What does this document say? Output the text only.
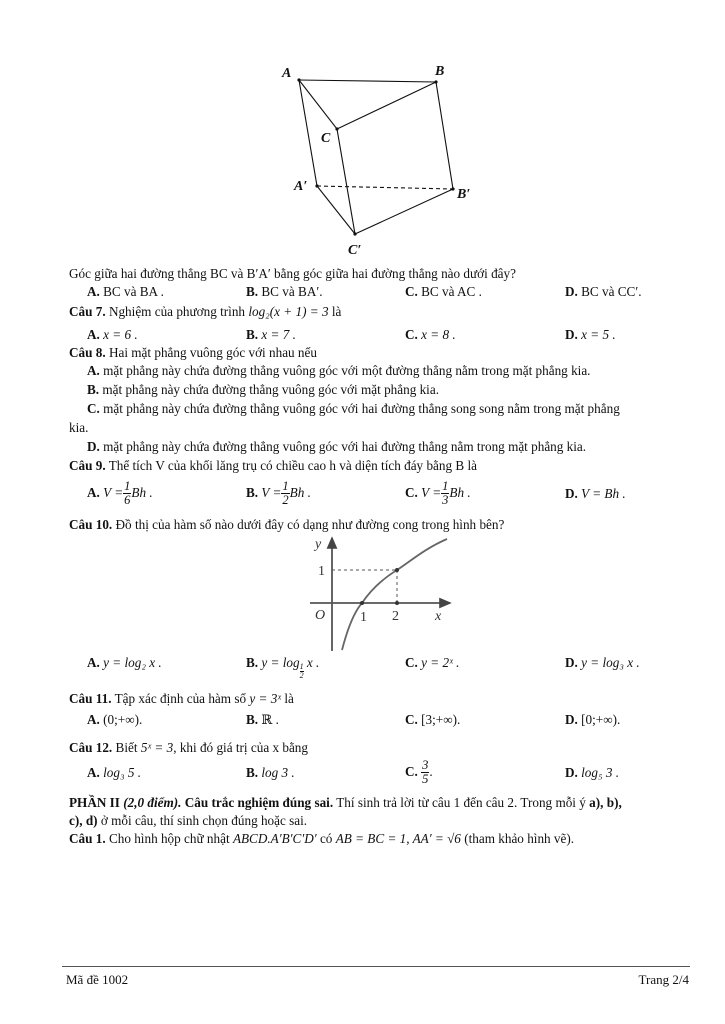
A	B
C
A′
B′
C′
Góc giữa hai đường thẳng BC và B′A′ bằng góc giữa hai đường thẳng nào dưới đây?
A. BC và BA .	B. BC và BA′.	C. BC và AC .	D. BC và CC′.
Câu 7. Nghiệm của phương trình log₂(x + 1) = 3 là
A. x = 6 .	B. x = 7 .	C. x = 8 .	D. x = 5 .
Câu 8. Hai mặt phẳng vuông góc với nhau nếu
A. mặt phẳng này chứa đường thẳng vuông góc với một đường thẳng nằm trong mặt phẳng kia.
B. mặt phẳng này chứa đường thẳng vuông góc với mặt phẳng kia.
C. mặt phẳng này chứa đường thẳng vuông góc với hai đường thẳng song song nằm trong mặt phẳng
kia.
D. mặt phẳng này chứa đường thẳng vuông góc với hai đường thẳng nằm trong mặt phẳng kia.
Câu 9. Thể tích V của khối lăng trụ có chiều cao h và diện tích đáy bằng B là
A. $V = \frac{1}{6}$ Bh .	B. $V = \frac{1}{2}$ Bh .	C. $V = \frac{1}{3}$ Bh .	D. V = Bh .
Câu 10. Đồ thị của hàm số nào dưới đây có dạng như đường cong trong hình bên?
y
x
O 1 2
1
A. y = log₂ x .	B. y = log
$\frac{1}{2}$
x .	C. y = 2ˣ .	D. y = log₃ x .
Câu 11. Tập xác định của hàm số y = 3ˣ là
A. (0;+∞).	B. ℝ .	C. [3;+∞).	D. [0;+∞).
Câu 12. Biết 5ˣ = 3, khi đó giá trị của x bằng
A. log₃ 5 .	B. log 3 .	C. $\frac{3}{5}$ .	D. log₅ 3 .
PHẦN II (2,0 điểm). Câu trắc nghiệm đúng sai. Thí sinh trả lời từ câu 1 đến câu 2. Trong mỗi ý a), b),
c), d) ở mỗi câu, thí sinh chọn đúng hoặc sai.
Câu 1. Cho hình hộp chữ nhật ABCD.A′B′C′D′ có AB = BC = 1, AA′ = √6 (tham khảo hình vẽ).
Mã đề 1002	Trang 2/4
